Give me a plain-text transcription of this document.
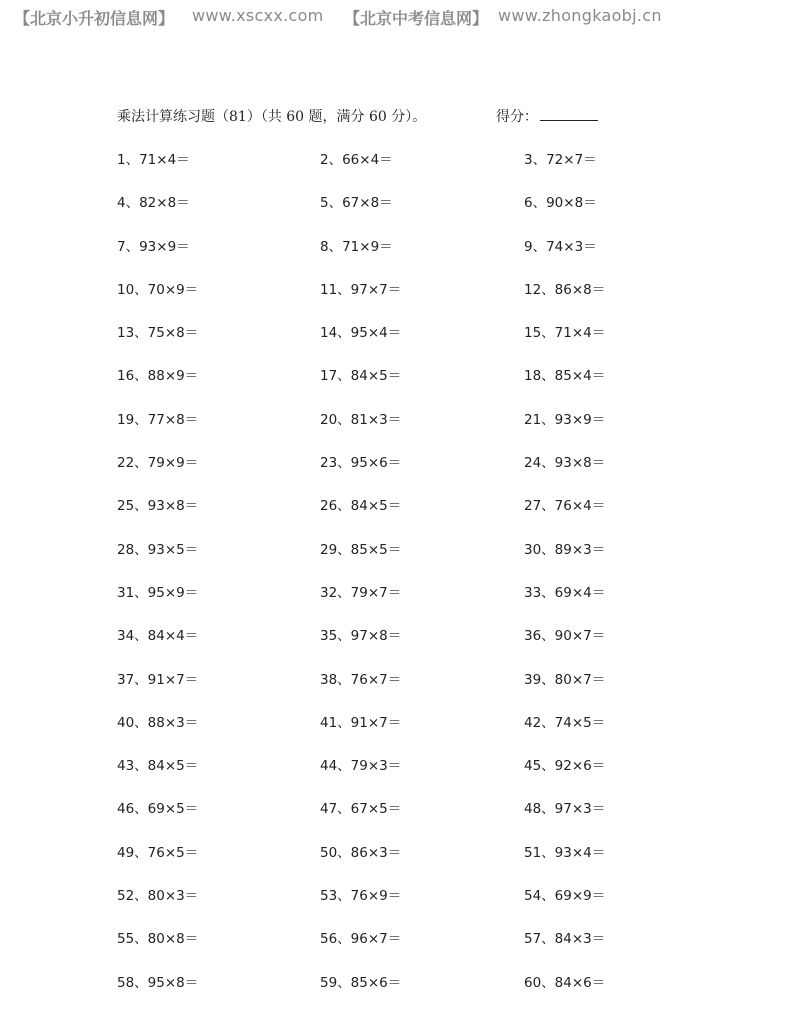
【北京小升初信息网】 www.xscxx.com 【北京中考信息网】 www.zhongkaobj.cn
乘法计算练习题（81）（共 60 题，满分 60 分）。	得分：
1、71×4＝	2、66×4＝	3、72×7＝
4、82×8＝	5、67×8＝	6、90×8＝
7、93×9＝	8、71×9＝	9、74×3＝
10、70×9＝	11、97×7＝	12、86×8＝
13、75×8＝	14、95×4＝	15、71×4＝
16、88×9＝	17、84×5＝	18、85×4＝
19、77×8＝	20、81×3＝	21、93×9＝
22、79×9＝	23、95×6＝	24、93×8＝
25、93×8＝	26、84×5＝	27、76×4＝
28、93×5＝	29、85×5＝	30、89×3＝
31、95×9＝	32、79×7＝	33、69×4＝
34、84×4＝	35、97×8＝	36、90×7＝
37、91×7＝	38、76×7＝	39、80×7＝
40、88×3＝	41、91×7＝	42、74×5＝
43、84×5＝	44、79×3＝	45、92×6＝
46、69×5＝	47、67×5＝	48、97×3＝
49、76×5＝	50、86×3＝	51、93×4＝
52、80×3＝	53、76×9＝	54、69×9＝
55、80×8＝	56、96×7＝	57、84×3＝
58、95×8＝	59、85×6＝	60、84×6＝
